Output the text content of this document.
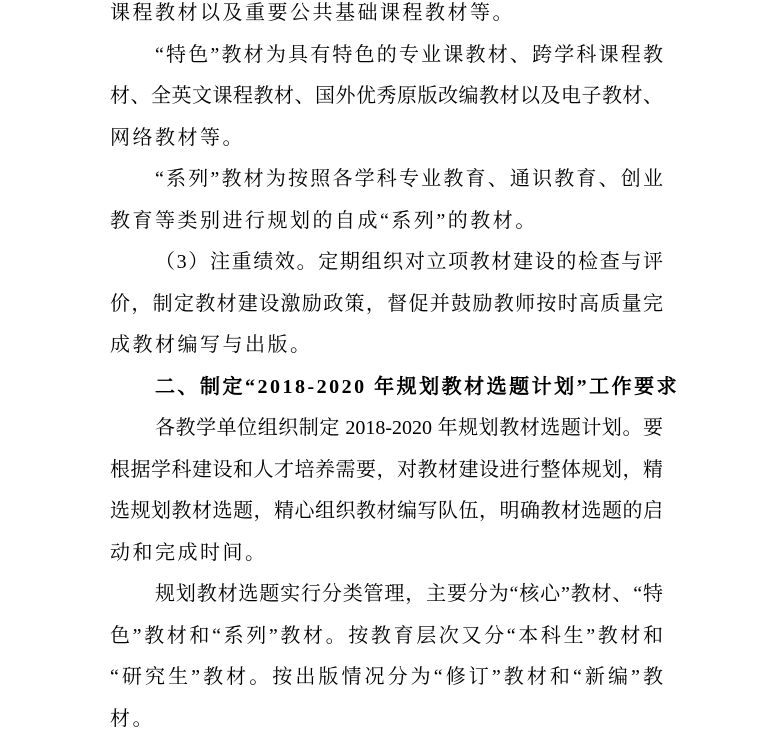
课程教材以及重要公共基础课程教材等。
“特色”教材为具有特色的专业课教材、跨学科课程教
材、全英文课程教材、国外优秀原版改编教材以及电子教材、
网络教材等。
“系列”教材为按照各学科专业教育、通识教育、创业
教育等类别进行规划的自成“系列”的教材。
（3）注重绩效。定期组织对立项教材建设的检查与评
价，制定教材建设激励政策，督促并鼓励教师按时高质量完
成教材编写与出版。
二、制定“2018-2020 年规划教材选题计划”工作要求
各教学单位组织制定 2018-2020 年规划教材选题计划。要
根据学科建设和人才培养需要，对教材建设进行整体规划，精
选规划教材选题，精心组织教材编写队伍，明确教材选题的启
动和完成时间。
规划教材选题实行分类管理，主要分为“核心”教材、“特
色”教材和“系列”教材。按教育层次又分“本科生”教材和
“研究生”教材。按出版情况分为“修订”教材和“新编”教
材。
